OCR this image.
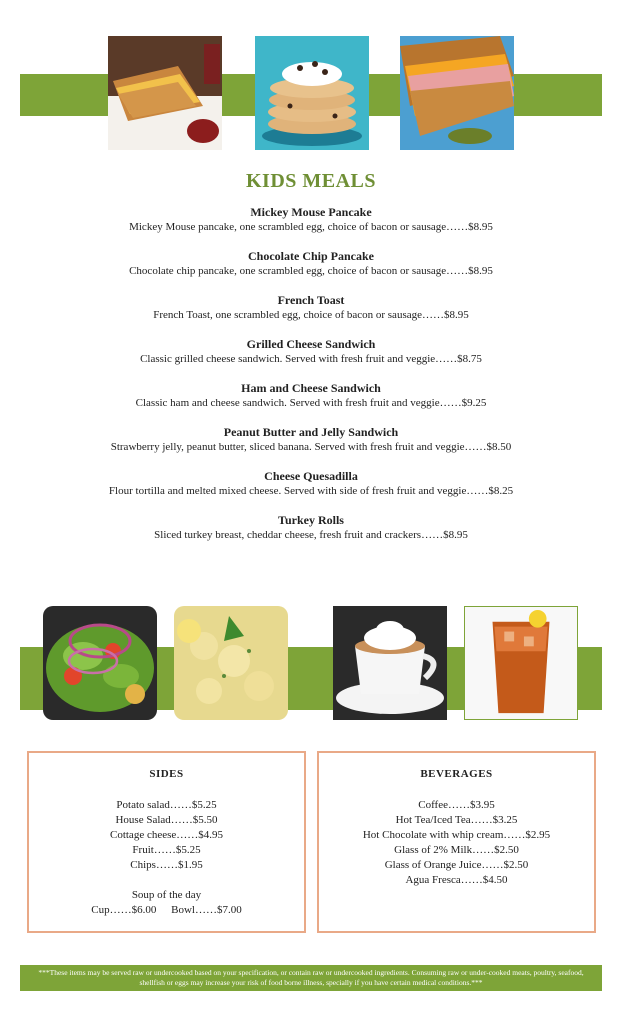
KIDS MEALS
Mickey Mouse Pancake
Mickey Mouse pancake, one scrambled egg, choice of bacon or sausage……$8.95
Chocolate Chip Pancake
Chocolate chip pancake, one scrambled egg, choice of bacon or sausage……$8.95
French Toast
French Toast, one scrambled egg, choice of bacon or sausage……$8.95
Grilled Cheese Sandwich
Classic grilled cheese sandwich. Served with fresh fruit and veggie……$8.75
Ham and Cheese Sandwich
Classic ham and cheese sandwich. Served with fresh fruit and veggie……$9.25
Peanut Butter and Jelly Sandwich
Strawberry jelly, peanut butter, sliced banana. Served with fresh fruit and veggie……$8.50
Cheese Quesadilla
Flour tortilla and melted mixed cheese. Served with side of fresh fruit and veggie……$8.25
Turkey Rolls
Sliced turkey breast, cheddar cheese, fresh fruit and crackers……$8.95
SIDES
Potato salad……$5.25
House Salad……$5.50
Cottage cheese……$4.95
Fruit……$5.25
Chips……$1.95
Soup of the day
Cup……$6.00 Bowl……$7.00
BEVERAGES
Coffee……$3.95
Hot Tea/Iced Tea……$3.25
Hot Chocolate with whip cream……$2.95
Glass of 2% Milk……$2.50
Glass of Orange Juice……$2.50
Agua Fresca……$4.50
***These items may be served raw or undercooked based on your specification, or contain raw or undercooked ingredients. Consuming raw or under-cooked meats, poultry, seafood, shellfish or eggs may increase your risk of food borne illness, specially if you have certain medical conditions.***
